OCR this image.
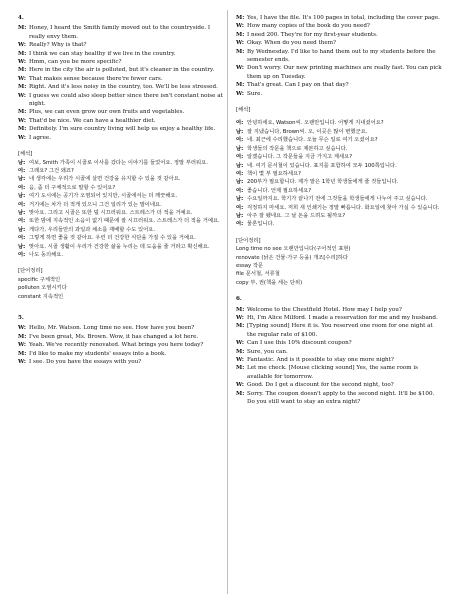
4.
M: Honey, I heard the Smith family moved out to the countryside. I really envy them.
W: Really? Why is that?
M: I think we can stay healthy if we live in the country.
W: Hmm, can you be more specific?
M: Here in the city the air is polluted, but it's cleaner in the country.
W: That makes sense because there're fewer cars.
M: Right. And it's less noisy in the country, too. We'll be less stressed.
W: I guess we could also sleep better since there isn't constant noise at night.
M: Plus, we can even grow our own fruits and vegetables.
W: That'd be nice. We can have a healthier diet.
M: Definitely. I'm sure country living will help us enjoy a healthy life.
W: I agree.
[해석]
남: 여보, Smith 가족이 시골로 이사를 갔다는 이야기를 들었어요. 정말 부러워요.
여: 그래요? 그건 왜죠?
남: 내 생각에는 우리가 시골에 살면 건강을 유지할 수 있을 것 같아요.
여: 음, 좀 더 구체적으로 말할 수 있어요?
남: 여기 도시에는 공기가 오염되어 있지만, 시골에서는 더 깨끗해요.
여: 거기에는 차가 더 적게 있으니 그건 일리가 있는 말이네요.
남: 맞아요. 그리고 시골은 또한 덜 시끄러워요. 스트레스가 더 적을 거예요.
여: 또한 밤에 지속적인 소음이 없기 때문에 잘 시끄러워요. 스트레스가 더 적을 거예요.
남: 게다가, 우리들만의 과일과 채소를 재배할 수도 있어요.
여: 그렇게 하면 좋을 것 같아요. 우린 더 건강한 식단을 가질 수 있을 거예요.
남: 맞아요. 시골 생활이 우리가 건강한 삶을 누리는 데 도움을 줄 거라고 확신해요.
여: 나도 동의해요.
[단어정리]
specific 구체적인
polluten 오염시키다
constant 지속적인
5.
W: Hello, Mr. Watson. Long time no see. How have you been?
M: I've been great, Ms. Brown. Wow, it has changed a lot here.
W: Yeah. We've recently renovated. What brings you here today?
M: I'd like to make my students' essays into a book.
W: I see. Do you have the essays with you?
M: Yes, I have the file. It's 100 pages in total, including the cover page.
W: How many copies of the book do you need?
M: I need 200. They're for my first-year students.
W: Okay. When do you need them?
M: By Wednesday. I'd like to hand them out to my students before the semester ends.
W: Don't worry. Our new printing machines are really fast. You can pick them up on Tuesday.
M: That's great. Can I pay on that day?
W: Sure.
[해석]
여: 안녕하세요, Watson씨. 오랜만입니다. 어떻게 지내셨어요?
남: 잘 지냈습니다, Brown씨. 오, 이곳은 많이 변했군요.
여: 네. 최근에 수리했습니다. 오늘 무슨 일로 여기 오셨어요?
남: 학생들의 작문을 책으로 제본하고 싶습니다.
여: 알겠습니다. 그 작문들을 지금 가지고 계세요?
남: 네. 여기 문서철이 있습니다. 표지를 포함하여 모두 100쪽입니다.
여: 책이 몇 부 필요하세요?
남: 200부가 필요합니다. 제가 맡은 1학년 학생들에게 줄 것들입니다.
여: 좋습니다. 언제 필요하세요?
남: 수요일까지요. 학기가 끝나기 전에 그것들을 학생들에게 나누어 주고 싶습니다.
여: 걱정하지 마세요. 저희 새 인쇄기는 정말 빠릅니다. 화요일에 찾아 가실 수 있습니다.
남: 아주 잘 됐네요. 그 날 돈을 드려도 될까요?
여: 물론입니다.
[단어정리]
Long time no see 오랜만입니다(구어적인 표현)
renovate (낡은 건물·가구 등을) 개조[수리]하다
essay 작문
file 문서철, 서류철
copy 부, 권(책을 세는 단위)
6.
M: Welcome to the Chestfield Hotel. How may I help you?
W: Hi, I'm Alice Milford. I made a reservation for me and my husband.
M: [Typing sound] Here it is. You reserved one room for one night at the regular rate of $100.
W: Can I use this 10% discount coupon?
M: Sure, you can.
W: Fantastic. And is it possible to stay one more night?
M: Let me check. [Mouse clicking sound] Yes, the same room is available for tomorrow.
W: Good. Do I get a discount for the second night, too?
M: Sorry. The coupon doesn't apply to the second night. It'll be $100. Do you still want to stay an extra night?
